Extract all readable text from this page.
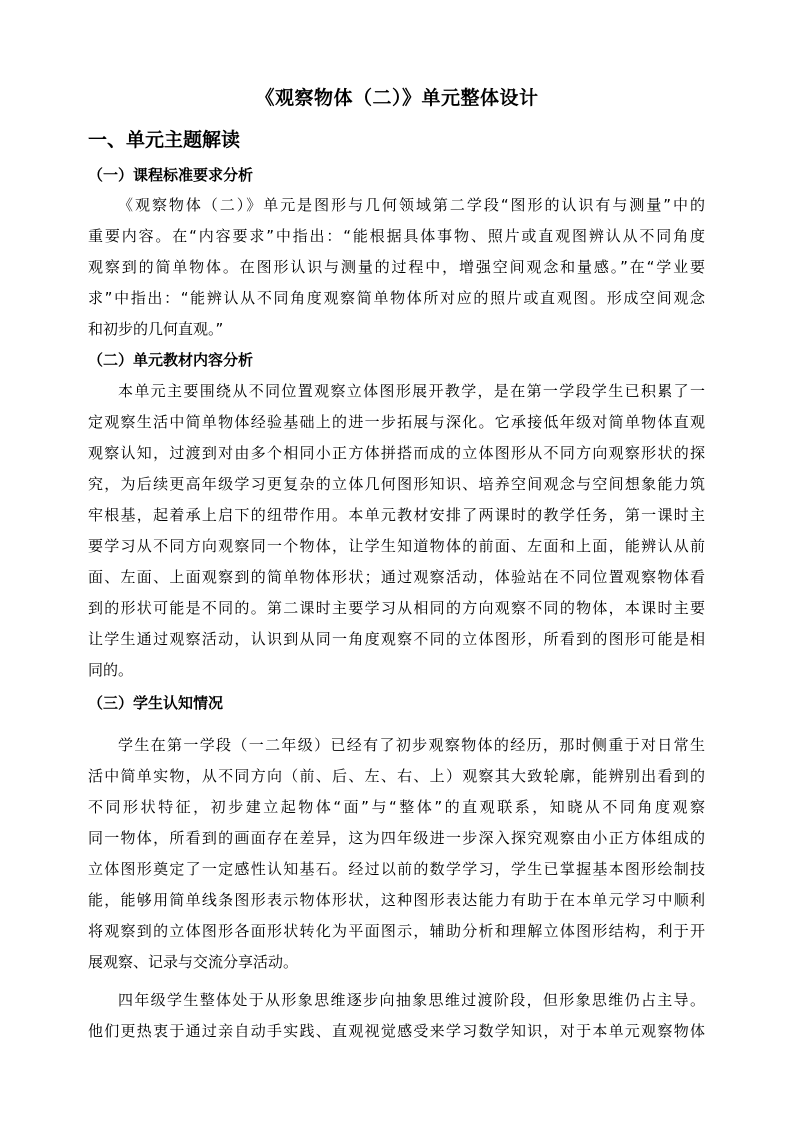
《观察物体（二）》单元整体设计
一、单元主题解读
（一）课程标准要求分析
《观察物体（二）》单元是图形与几何领域第二学段“图形的认识有与测量”中的
重要内容。在“内容要求”中指出：“能根据具体事物、照片或直观图辨认从不同角度
观察到的简单物体。在图形认识与测量的过程中，增强空间观念和量感。”在“学业要
求”中指出：“能辨认从不同角度观察简单物体所对应的照片或直观图。形成空间观念
和初步的几何直观。”
（二）单元教材内容分析
本单元主要围绕从不同位置观察立体图形展开教学，是在第一学段学生已积累了一
定观察生活中简单物体经验基础上的进一步拓展与深化。它承接低年级对简单物体直观
观察认知，过渡到对由多个相同小正方体拼搭而成的立体图形从不同方向观察形状的探
究，为后续更高年级学习更复杂的立体几何图形知识、培养空间观念与空间想象能力筑
牢根基，起着承上启下的纽带作用。本单元教材安排了两课时的教学任务，第一课时主
要学习从不同方向观察同一个物体，让学生知道物体的前面、左面和上面，能辨认从前
面、左面、上面观察到的简单物体形状；通过观察活动，体验站在不同位置观察物体看
到的形状可能是不同的。第二课时主要学习从相同的方向观察不同的物体，本课时主要
让学生通过观察活动，认识到从同一角度观察不同的立体图形，所看到的图形可能是相
同的。
（三）学生认知情况
学生在第一学段（一二年级）已经有了初步观察物体的经历，那时侧重于对日常生
活中简单实物，从不同方向（前、后、左、右、上）观察其大致轮廓，能辨别出看到的
不同形状特征，初步建立起物体“面”与“整体”的直观联系，知晓从不同角度观察
同一物体，所看到的画面存在差异，这为四年级进一步深入探究观察由小正方体组成的
立体图形奠定了一定感性认知基石。经过以前的数学学习，学生已掌握基本图形绘制技
能，能够用简单线条图形表示物体形状，这种图形表达能力有助于在本单元学习中顺利
将观察到的立体图形各面形状转化为平面图示，辅助分析和理解立体图形结构，利于开
展观察、记录与交流分享活动。
四年级学生整体处于从形象思维逐步向抽象思维过渡阶段，但形象思维仍占主导。
他们更热衷于通过亲自动手实践、直观视觉感受来学习数学知识，对于本单元观察物体
